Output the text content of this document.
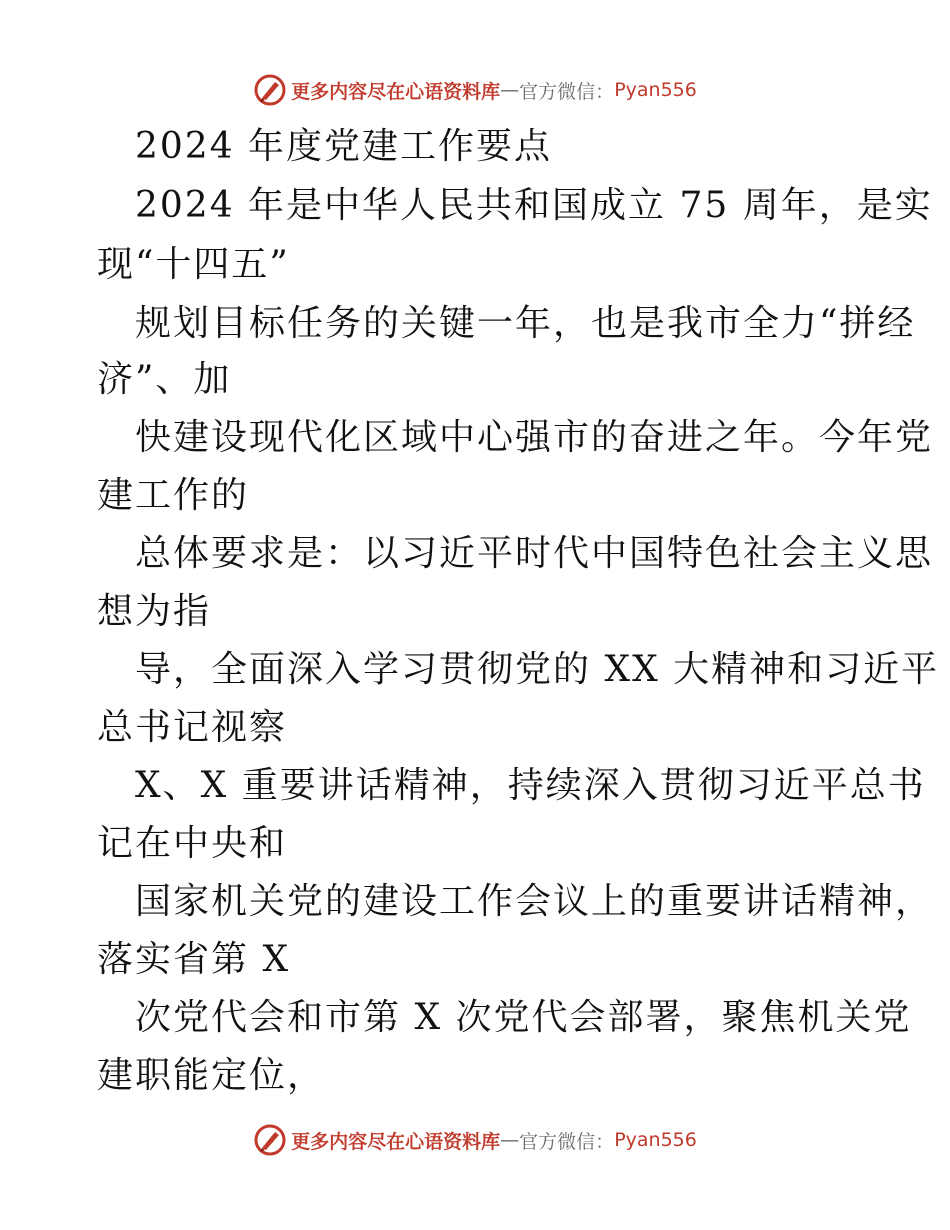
更多内容尽在心语资料库 — 官方微信： Pyan556
2024 年度党建工作要点
2024 年是中华人民共和国成立 75 周年，是实
现“十四五”
规划目标任务的关键一年，也是我市全力“拼经
济”、加
快建设现代化区域中心强市的奋进之年。今年党
建工作的
总体要求是：以习近平时代中国特色社会主义思
想为指
导，全面深入学习贯彻党的 XX 大精神和习近平
总书记视察
X、X 重要讲话精神，持续深入贯彻习近平总书
记在中央和
国家机关党的建设工作会议上的重要讲话精神，
落实省第 X
次党代会和市第 X 次党代会部署，聚焦机关党
建职能定位，
更多内容尽在心语资料库 — 官方微信： Pyan556
